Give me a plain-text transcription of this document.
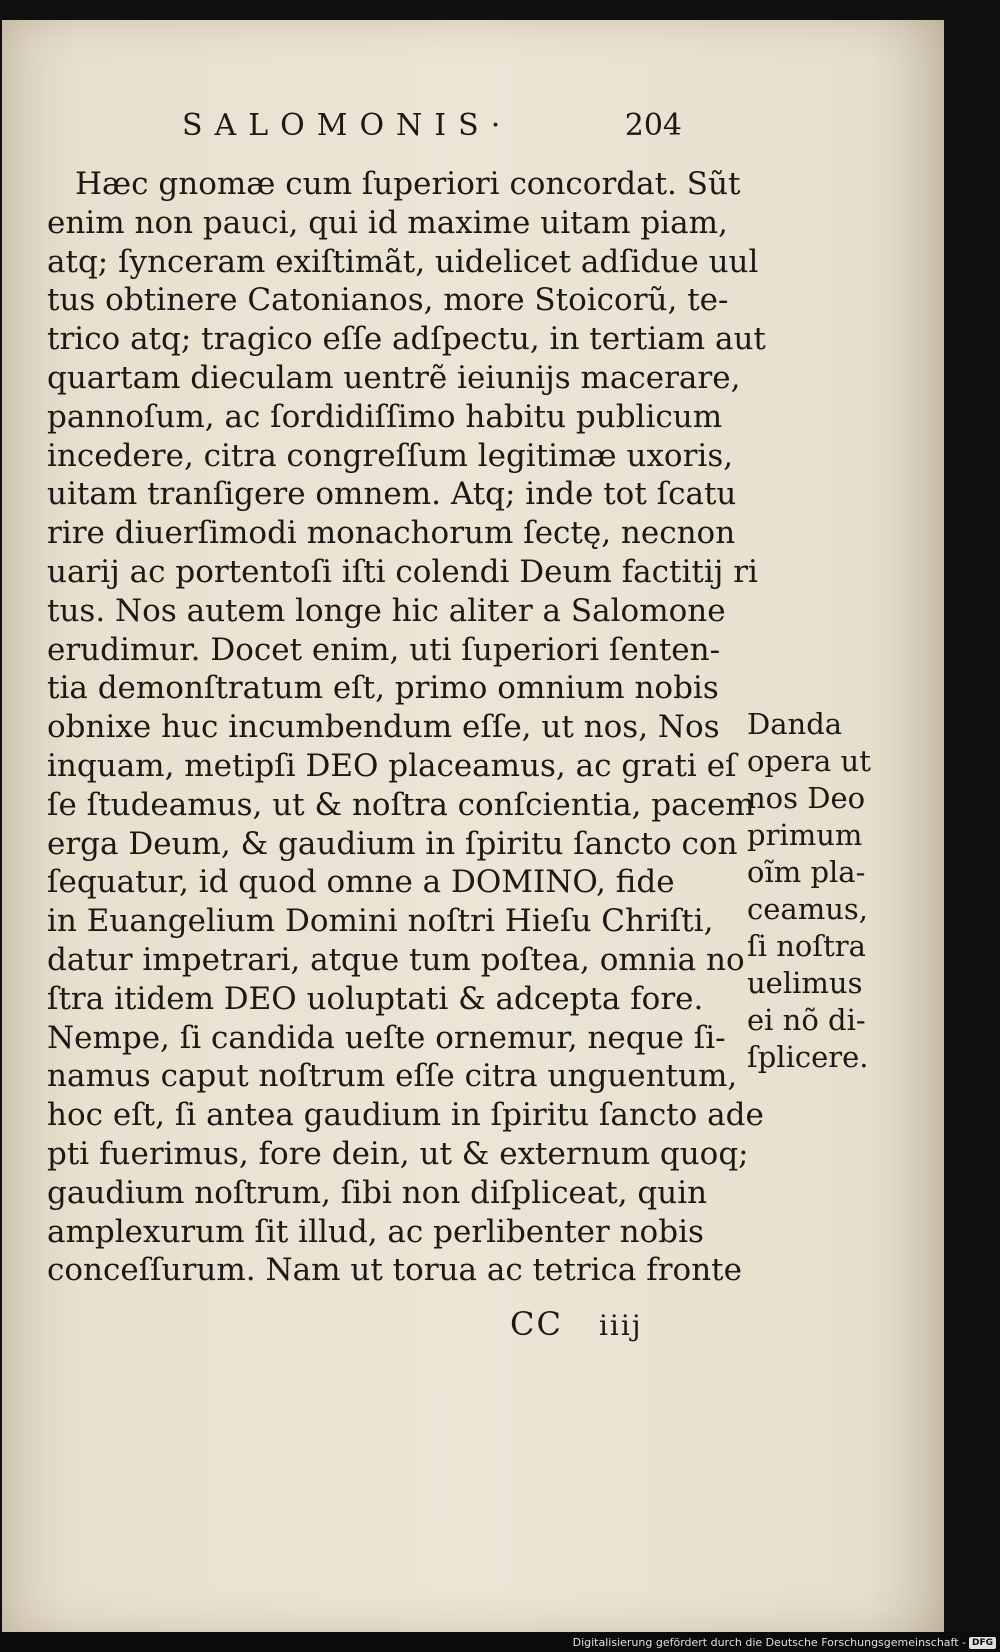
SALOMONIS·	204
Hæc gnomæ cum ſuperiori concordat. Sũt
enim non pauci, qui id maxime uitam piam,
atq; ſynceram exiſtimãt, uidelicet adſidue uul
tus obtinere Catonianos, more Stoicorũ, te-
trico atq; tragico eſſe adſpectu, in tertiam aut
quartam dieculam uentrẽ ieiunijs macerare,
pannoſum, ac ſordidiſſimo habitu publicum
incedere, citra congreſſum legitimæ uxoris,
uitam tranſigere omnem. Atq; inde tot ſcatu
rire diuerſimodi monachorum ſectę, necnon
uarij ac portentoſi iſti colendi Deum factitij ri
tus. Nos autem longe hic aliter a Salomone
erudimur. Docet enim, uti ſuperiori ſenten-
tia demonſtratum eſt, primo omnium nobis
obnixe huc incumbendum eſſe, ut nos, Nos
inquam, metipſi DEO placeamus, ac grati eſ
ſe ſtudeamus, ut & noſtra conſcientia, pacem
erga Deum, & gaudium in ſpiritu ſancto con
ſequatur, id quod omne a DOMINO, fide
in Euangelium Domini noſtri Hieſu Chriſti,
datur impetrari, atque tum poſtea, omnia no
ſtra itidem DEO uoluptati & adcepta fore.
Nempe, ſi candida ueſte ornemur, neque ſi-
namus caput noſtrum eſſe citra unguentum,
hoc eſt, ſi antea gaudium in ſpiritu ſancto ade
pti fuerimus, fore dein, ut & externum quoq;
gaudium noſtrum, ſibi non diſpliceat, quin
amplexurum ſit illud, ac perlibenter nobis
conceſſurum. Nam ut torua ac tetrica fronte
Danda
opera ut
nos Deo
primum
oĩm pla-
ceamus,
ſi noſtra
uelimus
ei nõ di-
ſplicere.
CC iiij
Digitalisierung gefördert durch die Deutsche Forschungsgemeinschaft - DFG
